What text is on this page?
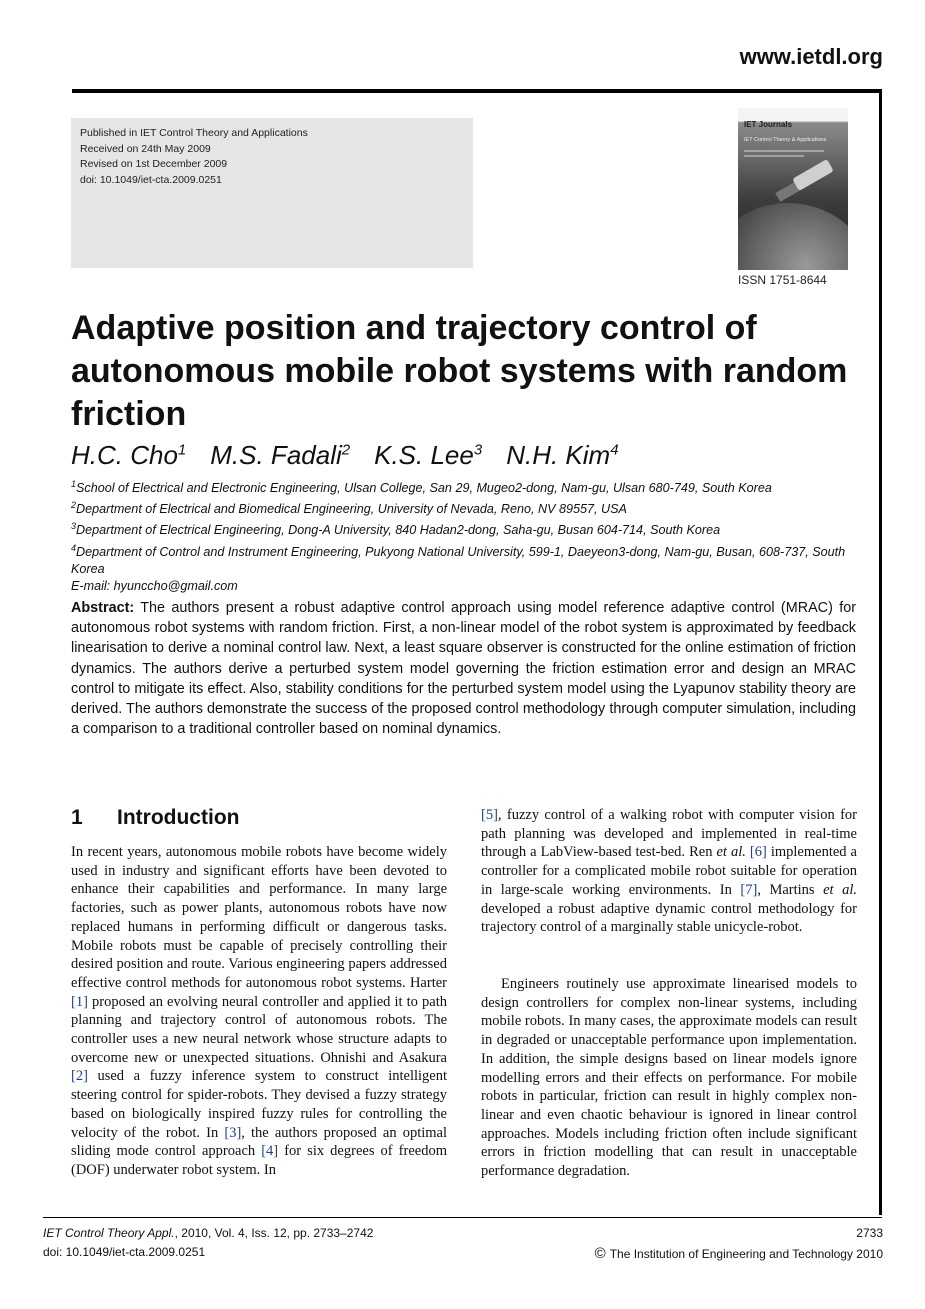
www.ietdl.org
Published in IET Control Theory and Applications
Received on 24th May 2009
Revised on 1st December 2009
doi: 10.1049/iet-cta.2009.0251
IET Journals
IET Control Theory & Applications
ISSN 1751-8644
Adaptive position and trajectory control of autonomous mobile robot systems with random friction
H.C. Cho$^1$ M.S. Fadali$^2$ K.S. Lee$^3$ N.H. Kim$^4$
$^1$School of Electrical and Electronic Engineering, Ulsan College, San 29, Mugeo2-dong, Nam-gu, Ulsan 680-749, South Korea
$^2$Department of Electrical and Biomedical Engineering, University of Nevada, Reno, NV 89557, USA
$^3$Department of Electrical Engineering, Dong-A University, 840 Hadan2-dong, Saha-gu, Busan 604-714, South Korea
$^4$Department of Control and Instrument Engineering, Pukyong National University, 599-1, Daeyeon3-dong, Nam-gu, Busan, 608-737, South Korea
E-mail: hyunccho@gmail.com
Abstract: The authors present a robust adaptive control approach using model reference adaptive control (MRAC) for autonomous robot systems with random friction. First, a non-linear model of the robot system is approximated by feedback linearisation to derive a nominal control law. Next, a least square observer is constructed for the online estimation of friction dynamics. The authors derive a perturbed system model governing the friction estimation error and design an MRAC control to mitigate its effect. Also, stability conditions for the perturbed system model using the Lyapunov stability theory are derived. The authors demonstrate the success of the proposed control methodology through computer simulation, including a comparison to a traditional controller based on nominal dynamics.
1 Introduction

In recent years, autonomous mobile robots have become widely used in industry and significant efforts have been devoted to enhance their capabilities and performance. In many large factories, such as power plants, autonomous robots have now replaced humans in performing difficult or dangerous tasks. Mobile robots must be capable of precisely controlling their desired position and route. Various engineering papers addressed effective control methods for autonomous robot systems. Harter [1] proposed an evolving neural controller and applied it to path planning and trajectory control of autonomous robots. The controller uses a new neural network whose structure adapts to overcome new or unexpected situations. Ohnishi and Asakura [2] used a fuzzy inference system to construct intelligent steering control for spider-robots. They devised a fuzzy strategy based on biologically inspired fuzzy rules for controlling the velocity of the robot. In [3], the authors proposed an optimal sliding mode control approach [4] for six degrees of freedom (DOF) underwater robot system. In

[5], fuzzy control of a walking robot with computer vision for path planning was developed and implemented in real-time through a LabView-based test-bed. Ren et al. [6] implemented a controller for a complicated mobile robot suitable for operation in large-scale working environments. In [7], Martins et al. developed a robust adaptive dynamic control methodology for trajectory control of a marginally stable unicycle-robot.

Engineers routinely use approximate linearised models to design controllers for complex non-linear systems, including mobile robots. In many cases, the approximate models can result in degraded or unacceptable performance upon implementation. In addition, the simple designs based on linear models ignore modelling errors and their effects on performance. For mobile robots in particular, friction can result in highly complex non-linear and even chaotic behaviour is ignored in linear control approaches. Models including friction often include significant errors in friction modelling that can result in unacceptable performance degradation.

IET Control Theory Appl., 2010, Vol. 4, Iss. 12, pp. 2733–2742
doi: 10.1049/iet-cta.2009.0251
2733
© The Institution of Engineering and Technology 2010
